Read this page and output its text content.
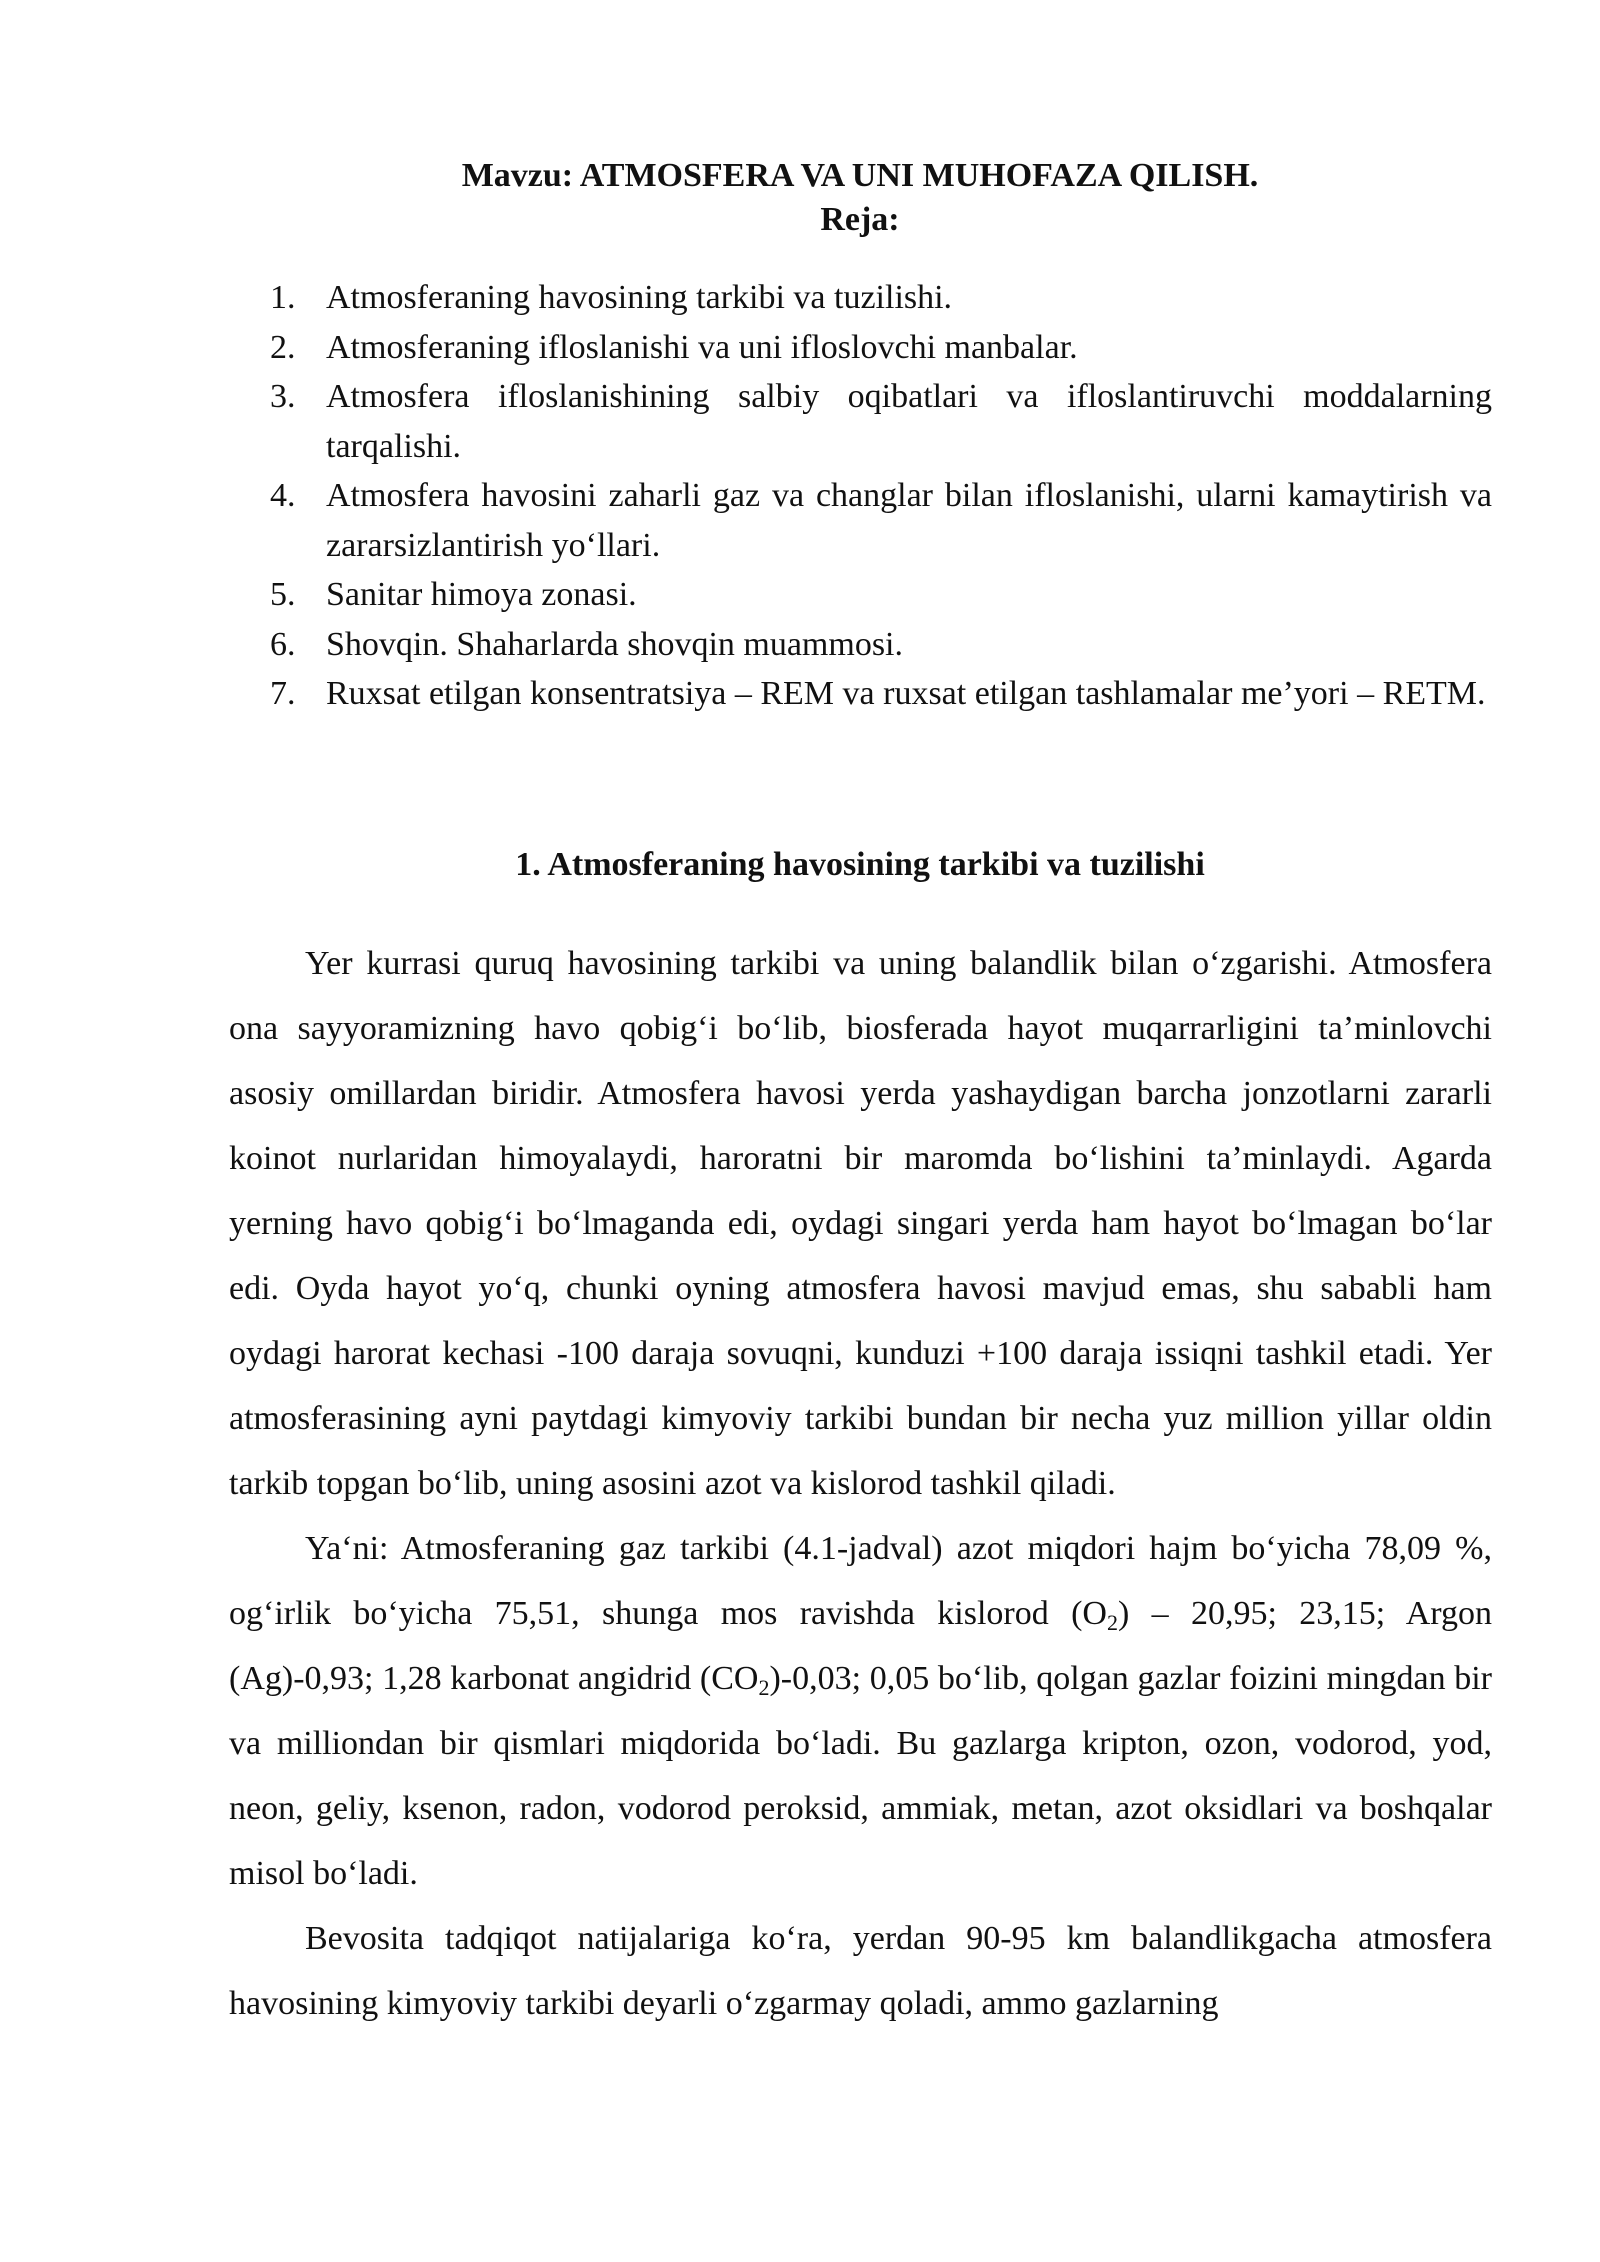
Mavzu: ATMOSFERA VA UNI MUHOFAZA QILISH.
Reja:
1. Atmosferaning havosining tarkibi va tuzilishi.
2. Atmosferaning ifloslanishi va uni ifloslovchi manbalar.
3. Atmosfera ifloslanishining salbiy oqibatlari va ifloslantiruvchi moddalarning tarqalishi.
4. Atmosfera havosini zaharli gaz va changlar bilan ifloslanishi, ularni kamaytirish va zararsizlantirish yo‘llari.
5. Sanitar himoya zonasi.
6. Shovqin. Shaharlarda shovqin muammosi.
7. Ruxsat etilgan konsentratsiya – REM va ruxsat etilgan tashlamalar me’yori – RETM.
1. Atmosferaning havosining tarkibi va tuzilishi

Yer kurrasi quruq havosining tarkibi va uning balandlik bilan o‘zgarishi. Atmosfera ona sayyoramizning havo qobig‘i bo‘lib, biosferada hayot muqarrarligini ta’minlovchi asosiy omillardan biridir. Atmosfera havosi yerda yashaydigan barcha jonzotlarni zararli koinot nurlaridan himoyalaydi, haroratni bir maromda bo‘lishini ta’minlaydi. Agarda yerning havo qobig‘i bo‘lmaganda edi, oydagi singari yerda ham hayot bo‘lmagan bo‘lar edi. Oyda hayot yo‘q, chunki oyning atmosfera havosi mavjud emas, shu sababli ham oydagi harorat kechasi -100 daraja sovuqni, kunduzi +100 daraja issiqni tashkil etadi. Yer atmosferasining ayni paytdagi kimyoviy tarkibi bundan bir necha yuz million yillar oldin tarkib topgan bo‘lib, uning asosini azot va kislorod tashkil qiladi.

Ya‘ni: Atmosferaning gaz tarkibi (4.1-jadval) azot miqdori hajm bo‘yicha 78,09 %, og‘irlik bo‘yicha 75,51, shunga mos ravishda kislorod $(O_2) - 20,95$; 23,15; Argon (Ag)-0,93; 1,28 karbonat angidrid $(CO_2)-0,03$; 0,05 bo‘lib, qolgan gazlar foizini mingdan bir va milliondan bir qismlari miqdorida bo‘ladi. Bu gazlarga kripton, ozon, vodorod, yod, neon, geliy, ksenon, radon, vodorod peroksid, ammiak, metan, azot oksidlari va boshqalar misol bo‘ladi.

Bevosita tadqiqot natijalariga ko‘ra, yerdan 90-95 km balandlikgacha atmosfera havosining kimyoviy tarkibi deyarli o‘zgarmay qoladi, ammo gazlarning
